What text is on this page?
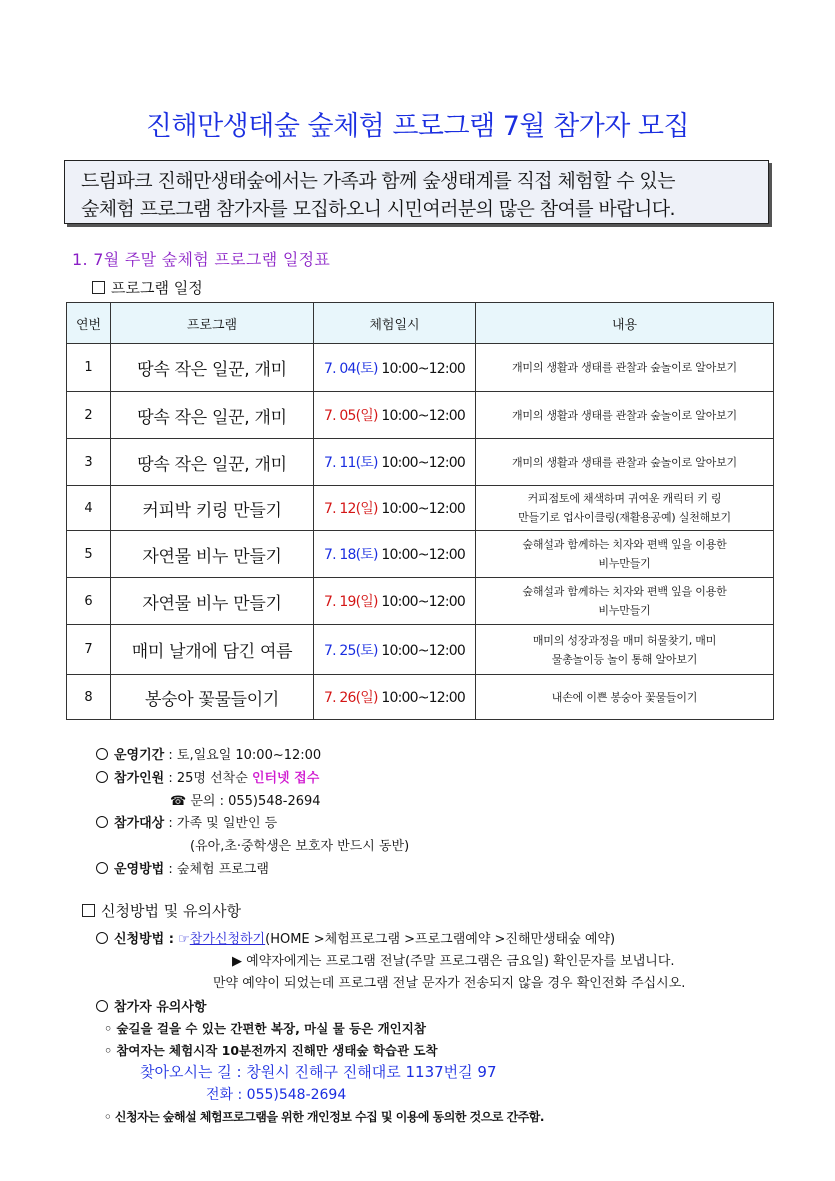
진해만생태숲 숲체험 프로그램 7월 참가자 모집
드림파크 진해만생태숲에서는 가족과 함께 숲생태계를 직접 체험할 수 있는
숲체험 프로그램 참가자를 모집하오니 시민여러분의 많은 참여를 바랍니다.
1. 7월 주말 숲체험 프로그램 일정표
프로그램 일정
연번	프로그램	체험일시	내용
1	땅속 작은 일꾼, 개미	7. 04(토) 10:00~12:00	개미의 생활과 생태를 관찰과 숲놀이로 알아보기

2	땅속 작은 일꾼, 개미	7. 05(일) 10:00~12:00	개미의 생활과 생태를 관찰과 숲놀이로 알아보기

3	땅속 작은 일꾼, 개미	7. 11(토) 10:00~12:00	개미의 생활과 생태를 관찰과 숲놀이로 알아보기

4	커피박 키링 만들기	7. 12(일) 10:00~12:00	커피점토에 채색하며 귀여운 캐릭터 키 링
만들기로 업사이클링(재활용공예) 실천해보기

5	자연물 비누 만들기	7. 18(토) 10:00~12:00	숲해설과 함께하는 치자와 편백 잎을 이용한
비누만들기

6	자연물 비누 만들기	7. 19(일) 10:00~12:00	숲해설과 함께하는 치자와 편백 잎을 이용한
비누만들기

7	매미 날개에 담긴 여름	7. 25(토) 10:00~12:00	매미의 성장과정을 매미 허물찾기, 매미
물총놀이등 놀이 통해 알아보기

8	봉숭아 꽃물들이기	7. 26(일) 10:00~12:00	내손에 이쁜 봉숭아 꽃물들이기
운영기간 : 토,일요일 10:00~12:00
참가인원 : 25명 선착순 인터넷 접수
☎ 문의 : 055)548-2694
참가대상 : 가족 및 일반인 등
(유아,초·중학생은 보호자 반드시 동반)
운영방법 : 숲체험 프로그램
신청방법 및 유의사항
신청방법 : ☞참가신청하기(HOME >체험프로그램 >프로그램예약 >진해만생태숲 예약)
▶ 예약자에게는 프로그램 전날(주말 프로그램은 금요일) 확인문자를 보냅니다.
만약 예약이 되었는데 프로그램 전날 문자가 전송되지 않을 경우 확인전화 주십시오.
참가자 유의사항
◦ 숲길을 걸을 수 있는 간편한 복장, 마실 물 등은 개인지참
◦ 참여자는 체험시작 10분전까지 진해만 생태숲 학습관 도착
찾아오시는 길 : 창원시 진해구 진해대로 1137번길 97
전화 : 055)548-2694
◦ 신청자는 숲해설 체험프로그램을 위한 개인정보 수집 및 이용에 동의한 것으로 간주함.
